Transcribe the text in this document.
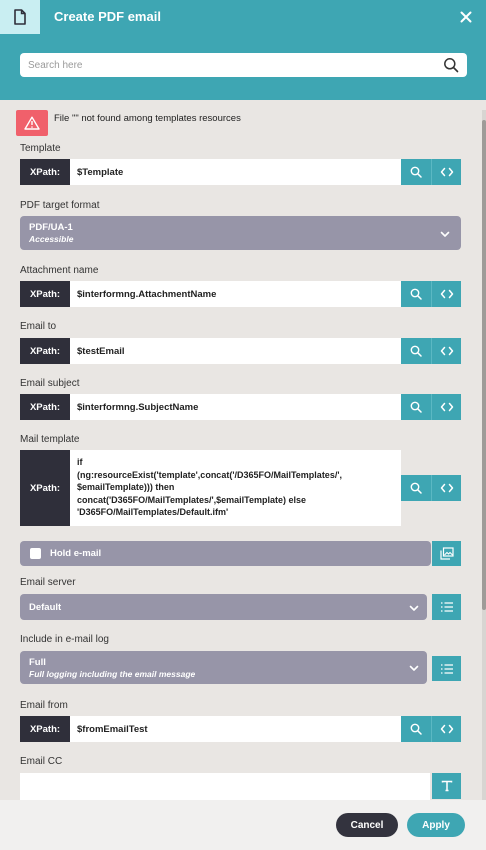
Create PDF email
Search here
File "" not found among templates resources
Template
XPath:	$Template
PDF target format
PDF/UA-1
Accessible
Attachment name
XPath:	$interformng.AttachmentName
Email to
XPath:	$testEmail
Email subject
XPath:	$interformng.SubjectName
Mail template
XPath:
if
(ng:resourceExist('template',concat('/D365FO/MailTemplates/',
$emailTemplate))) then
concat('D365FO/MailTemplates/',$emailTemplate) else
'D365FO/MailTemplates/Default.ifm'
Hold e-mail
Email server
Default
Include in e-mail log
Full
Full logging including the email message
Email from
XPath:	$fromEmailTest
Email CC
Cancel	Apply
